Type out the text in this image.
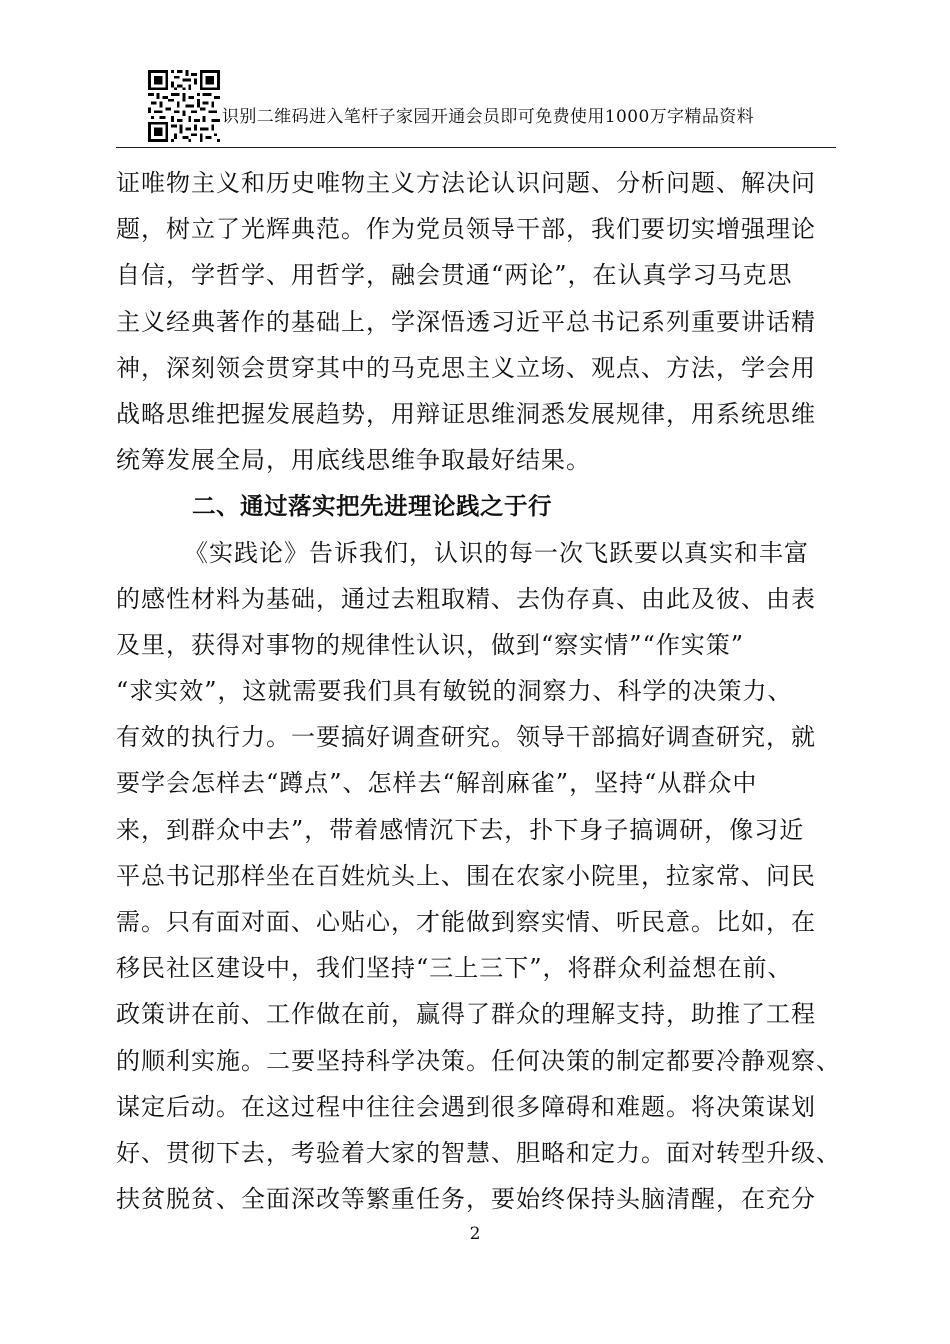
识别二维码进入笔杆子家园开通会员即可免费使用1000万字精品资料
证唯物主义和历史唯物主义方法论认识问题、分析问题、解决问
题，树立了光辉典范。作为党员领导干部，我们要切实增强理论
自信，学哲学、用哲学，融会贯通“两论”，在认真学习马克思
主义经典著作的基础上，学深悟透习近平总书记系列重要讲话精
神，深刻领会贯穿其中的马克思主义立场、观点、方法，学会用
战略思维把握发展趋势，用辩证思维洞悉发展规律，用系统思维
统筹发展全局，用底线思维争取最好结果。
二、通过落实把先进理论践之于行
《实践论》告诉我们，认识的每一次飞跃要以真实和丰富
的感性材料为基础，通过去粗取精、去伪存真、由此及彼、由表
及里，获得对事物的规律性认识，做到“察实情”“作实策”
“求实效”，这就需要我们具有敏锐的洞察力、科学的决策力、
有效的执行力。一要搞好调查研究。领导干部搞好调查研究，就
要学会怎样去“蹲点”、怎样去“解剖麻雀”，坚持“从群众中
来，到群众中去”，带着感情沉下去，扑下身子搞调研，像习近
平总书记那样坐在百姓炕头上、围在农家小院里，拉家常、问民
需。只有面对面、心贴心，才能做到察实情、听民意。比如，在
移民社区建设中，我们坚持“三上三下”，将群众利益想在前、
政策讲在前、工作做在前，赢得了群众的理解支持，助推了工程
的顺利实施。二要坚持科学决策。任何决策的制定都要冷静观察、
谋定后动。在这过程中往往会遇到很多障碍和难题。将决策谋划
好、贯彻下去，考验着大家的智慧、胆略和定力。面对转型升级、
扶贫脱贫、全面深改等繁重任务，要始终保持头脑清醒，在充分
2
